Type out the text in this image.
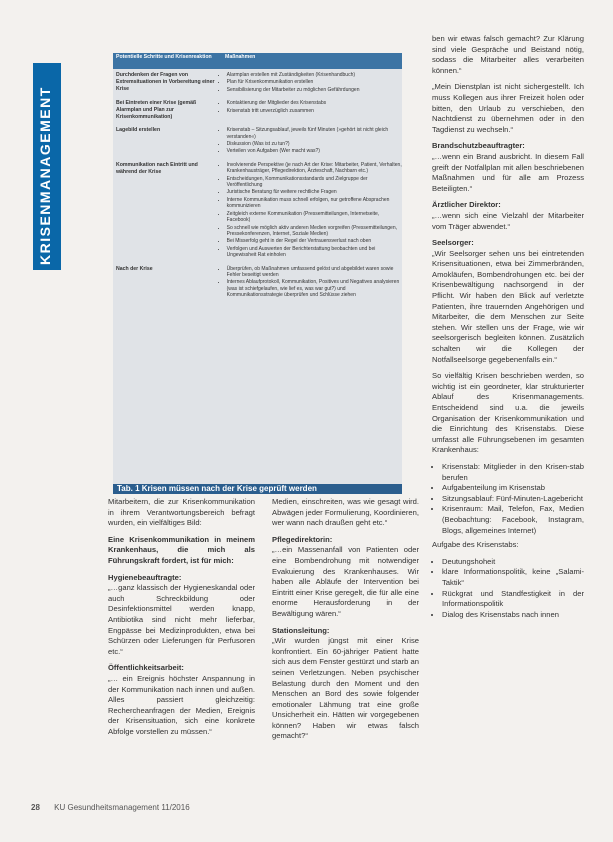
KRISENMANAGEMENT
Potentielle Schritte und Krisenreaktion	Maßnahmen
Durchdenken der Fragen von Extremsituationen in Vorbereitung einer Krise
• Alarmplan erstellen mit Zuständigkeiten (Krisenhandbuch)
• Plan für Krisenkommunikation erstellen
• Sensibilisierung der Mitarbeiter zu möglichen Gefährdungen
Bei Eintreten einer Krise (gemäß Alarmplan und Plan zur Krisenkommunikation)
• Kontaktierung der Mitglieder des Krisenstabs
• Krisenstab tritt unverzüglich zusammen
Lagebild erstellen	• Krisenstab – Sitzungsablauf, jeweils fünf Minuten (»gehört ist nicht gleich verstanden«)
• Diskussion (Was ist zu tun?)
• Verteilen von Aufgaben (Wer macht was?)
Kommunikation nach Eintritt und während der Krise
• Involvierende Perspektive (je nach Art der Krise: Mitarbeiter, Patient, Verhalten, Krankenhausträger, Pflegedirektion, Ärzteschaft, Nachbarn etc.)
• Entscheidungen, Kommunikationsstandards und Zielgruppe der Veröffentlichung
• Juristische Beratung für weitere rechtliche Fragen
• Interne Kommunikation muss schnell erfolgen, nur getroffene Absprachen kommunizieren
• Zeitgleich externe Kommunikation (Pressemitteilungen, Internetseite, Facebook)
• So schnell wie möglich aktiv anderen Medien vorgreifen (Pressemitteilungen, Pressekonferenzen, Internet, Soziale Medien)
• Bei Misserfolg geht in der Regel der Vertrauensverlust nach oben
• Verfolgen und Auswerten der Berichterstattung beobachten und bei Ungewissheit Rat einholen
Nach der Krise	• Überprüfen, ob Maßnahmen umfassend gelöst und abgebildet waren sowie Fehler beseitigt werden
• Internes Ablaufprotokoll, Kommunikation, Positives und Negatives analysieren (was ist schiefgelaufen, wie lief es, was war gut?) und Kommunikationsstrategie überprüfen und Schlüsse ziehen
Tab. 1 Krisen müssen nach der Krise geprüft werden

Mitarbeitern, die zur Krisenkommunikation in ihrem Verantwortungsbereich befragt wurden, ein vielfältiges Bild:

Eine Krisenkommunikation in meinem Krankenhaus, die mich als Führungskraft fordert, ist für mich:

Hygienebeauftragte:

„…ganz klassisch der Hygieneskandal oder auch Schreckbildung oder Desinfektionsmittel werden knapp, Antibiotika sind nicht mehr lieferbar, Engpässe bei Medizinprodukten, etwa bei Schürzen oder Lieferungen für Perfusoren etc.“

Öffentlichkeitsarbeit:

„… ein Ereignis höchster Anspannung in der Kommunikation nach innen und außen. Alles passiert gleichzeitig: Rechercheanfragen der Medien, Ereignis der Krisensituation, sich eine konkrete Abfolge vorstellen zu müssen.“

Medien, einschreiten, was wie gesagt wird. Abwägen jeder Formulierung, Koordinieren, wer wann nach draußen geht etc.“

Pflegedirektorin:

„…ein Massenanfall von Patienten oder eine Bombendrohung mit notwendiger Evakuierung des Krankenhauses. Wir haben alle Abläufe der Intervention bei Eintritt einer Krise geregelt, die für alle eine enorme Herausforderung in der Bewältigung wären.“

Stationsleitung:

„Wir wurden jüngst mit einer Krise konfrontiert. Ein 60-jähriger Patient hatte sich aus dem Fenster gestürzt und starb an seinen Verletzungen. Neben psychischer Belastung durch den Moment und den Menschen an Bord des sowie folgender emotionaler Lähmung trat eine große Unsicherheit ein. Hätten wir vorgegebenen können? Haben wir etwas falsch gemacht?“

ben wir etwas falsch gemacht? Zur Klärung sind viele Gespräche und Beistand nötig, sodass die Mitarbeiter alles verarbeiten können.“

„Mein Dienstplan ist nicht sichergestellt. Ich muss Kollegen aus ihrer Freizeit holen oder bitten, den Urlaub zu verschieben, den Nachtdienst zu übernehmen oder in den Tagdienst zu wechseln.“

Brandschutzbeauftragter:

„…wenn ein Brand ausbricht. In diesem Fall greift der Notfallplan mit allen beschriebenen Maßnahmen und für alle am Prozess Beteiligten.“

Ärztlicher Direktor:

„…wenn sich eine Vielzahl der Mitarbeiter vom Träger abwendet.“

Seelsorger:

„Wir Seelsorger sehen uns bei eintretenden Krisensituationen, etwa bei Zimmerbränden, Amokläufen, Bombendrohungen etc. bei der Krisenbewältigung nachsorgend in der Pflicht. Wir haben den Blick auf verletzte Patienten, ihre trauernden Angehörigen und Mitarbeiter, die dem Menschen zur Seite stehen. Wir stellen uns der Frage, wie wir seelsorgerisch begleiten können. Zusätzlich schalten wir die Kollegen der Notfallseelsorge gegebenenfalls ein.“

So vielfältig Krisen beschrieben werden, so wichtig ist ein geordneter, klar strukturierter Ablauf des Krisenmanagements. Entscheidend sind u.a. die jeweils Organisation der Krisenkommunikation und die Einrichtung des Krisenstabs. Diese umfasst alle Führungsebenen im gesamten Krankenhaus:

• Krisenstab: Mitglieder in den Krisen-stab berufen
• Aufgabenteilung im Krisenstab
• Sitzungsablauf: Fünf-Minuten-Lagebericht
• Krisenraum: Mail, Telefon, Fax, Medien (Beobachtung: Facebook, Instagram, Blogs, allgemeines Internet)

Aufgabe des Krisenstabs:

• Deutungshoheit
• klare Informationspolitik, keine „Salami-Taktik“
• Rückgrat und Standfestigkeit in der Informationspolitik
• Dialog des Krisenstabs nach innen
28 KU Gesundheitsmanagement 11/2016
